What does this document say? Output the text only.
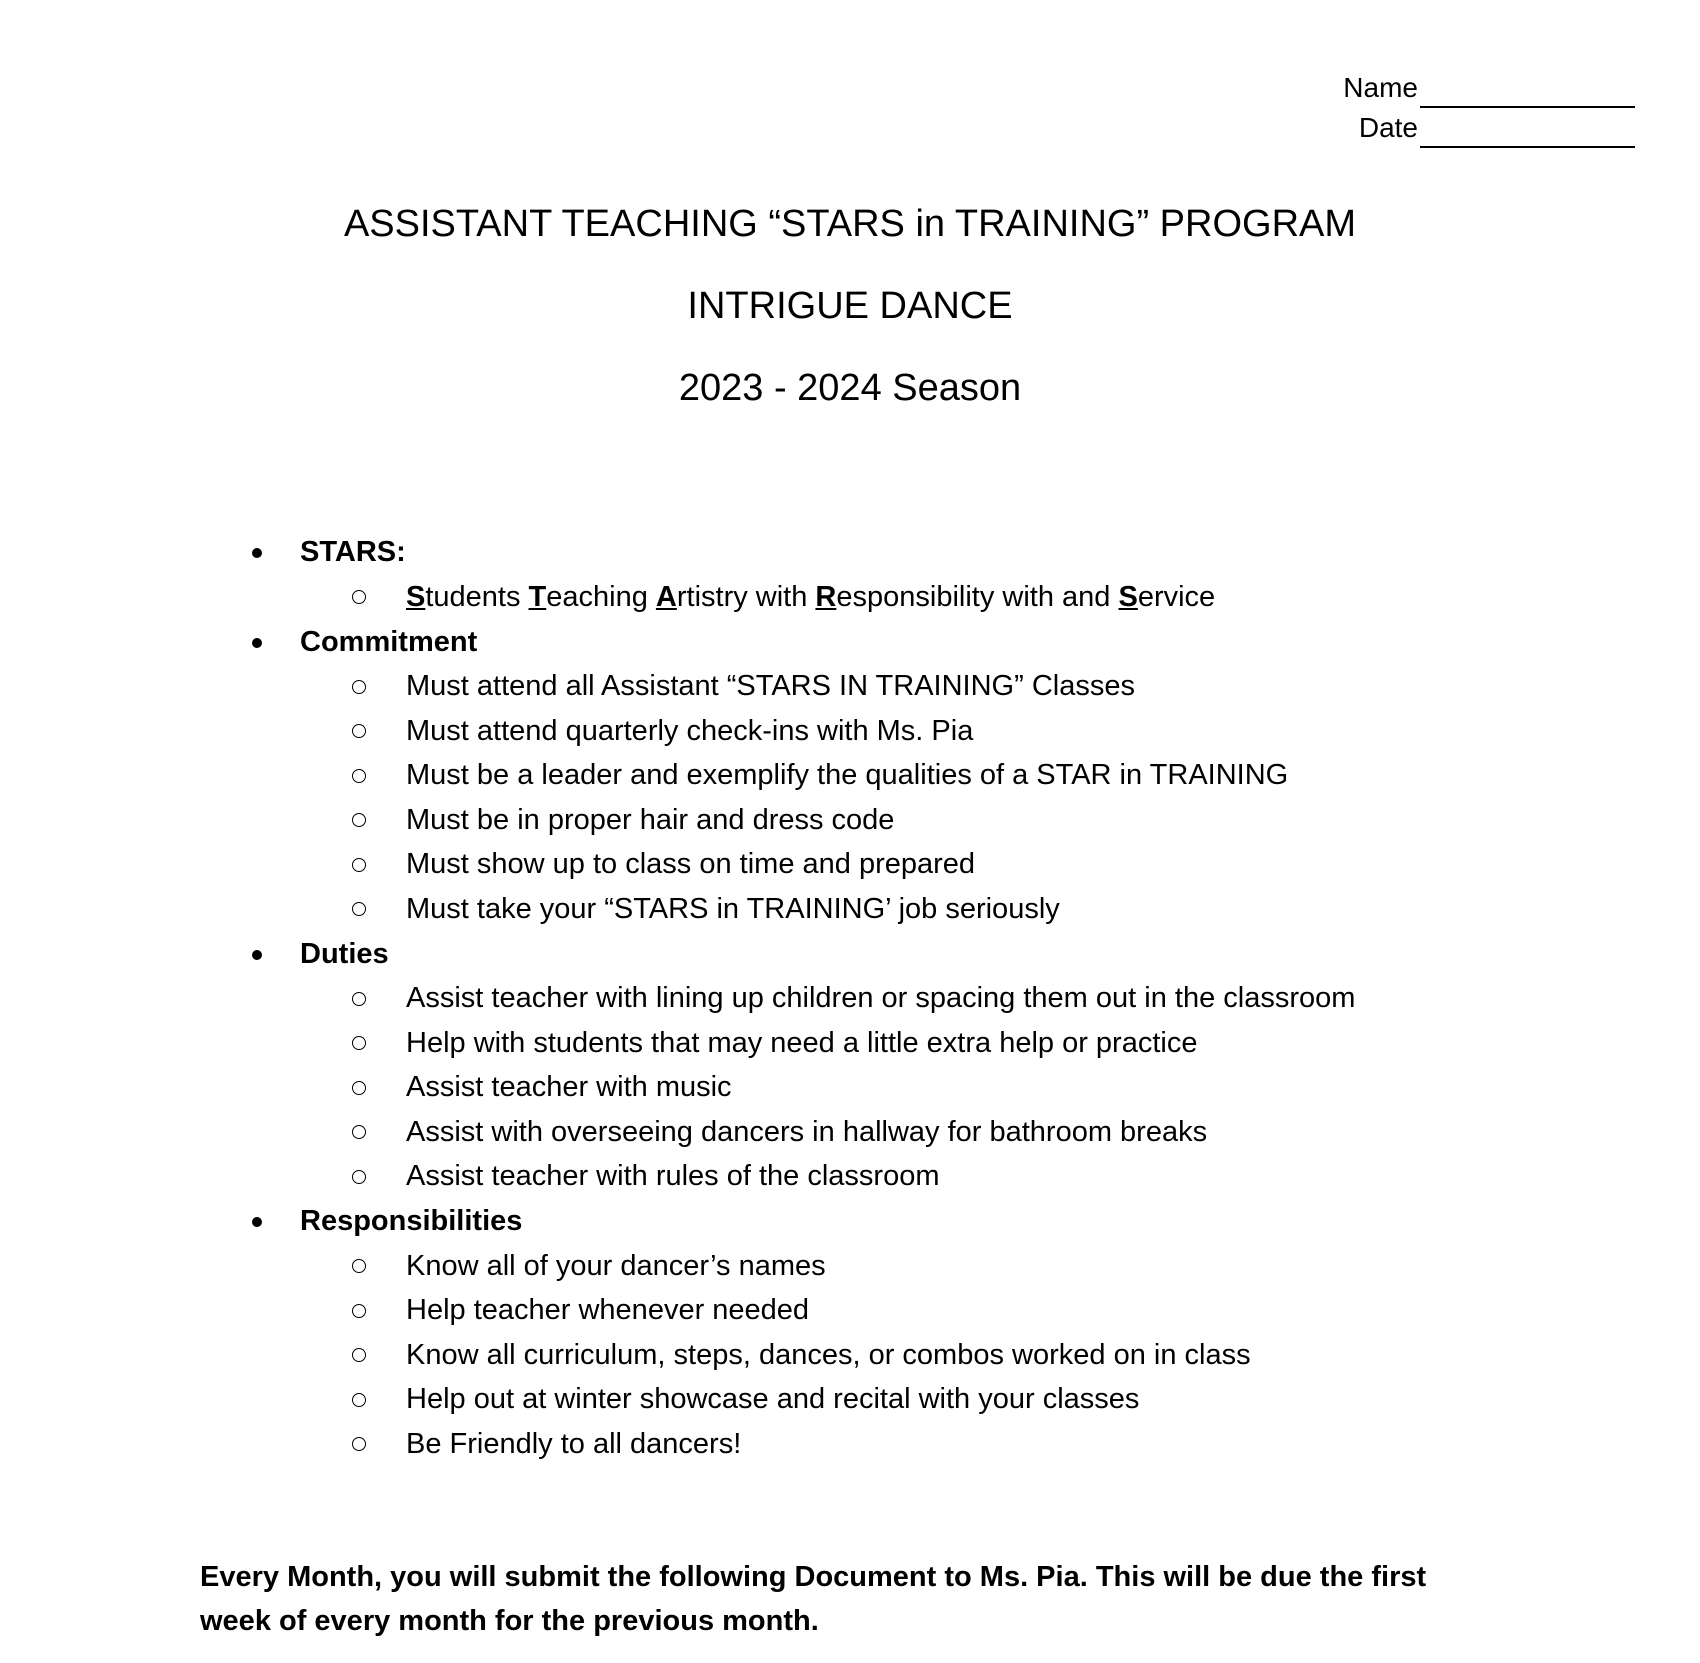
Name
Date
ASSISTANT TEACHING “STARS in TRAINING” PROGRAM
INTRIGUE DANCE
2023 - 2024 Season
STARS:
Students Teaching Artistry with Responsibility with and Service
Commitment
Must attend all Assistant “STARS IN TRAINING” Classes
Must attend quarterly check-ins with Ms. Pia
Must be a leader and exemplify the qualities of a STAR in TRAINING
Must be in proper hair and dress code
Must show up to class on time and prepared
Must take your “STARS in TRAINING’ job seriously
Duties
Assist teacher with lining up children or spacing them out in the classroom
Help with students that may need a little extra help or practice
Assist teacher with music
Assist with overseeing dancers in hallway for bathroom breaks
Assist teacher with rules of the classroom
Responsibilities
Know all of your dancer’s names
Help teacher whenever needed
Know all curriculum, steps, dances, or combos worked on in class
Help out at winter showcase and recital with your classes
Be Friendly to all dancers!
Every Month, you will submit the following Document to Ms. Pia. This will be due the first week of every month for the previous month.
